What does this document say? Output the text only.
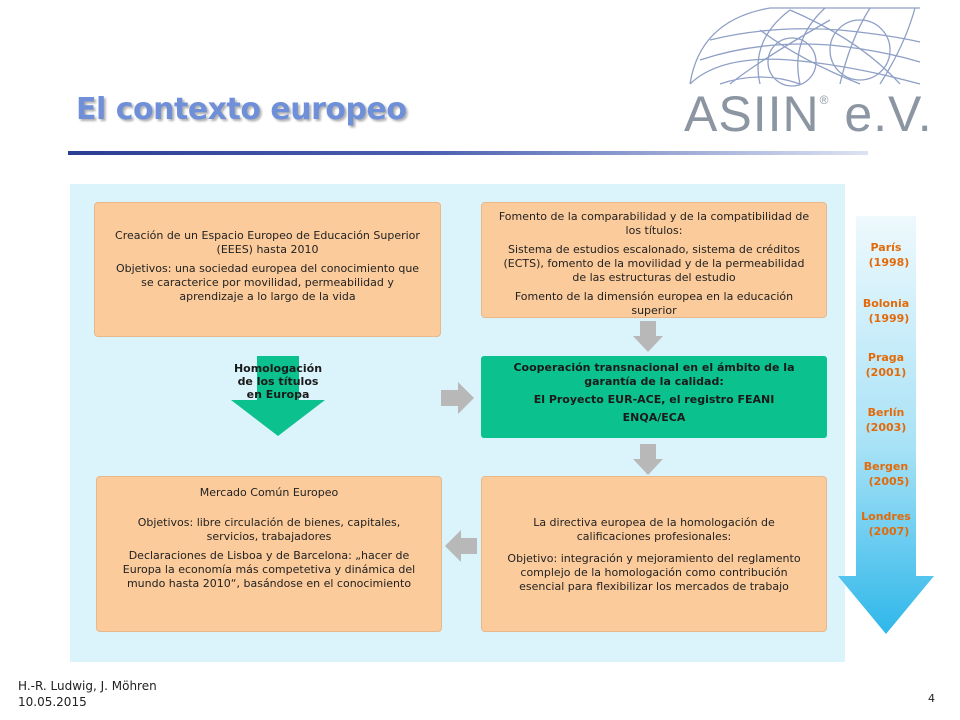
El contexto europeo	ASIIN® e.V.

Creación de un Espacio Europeo de Educación Superior (EEES) hasta 2010

Objetivos: una sociedad europea del conocimiento que se caracterice por movilidad, permeabilidad y aprendizaje a lo largo de la vida

Fomento de la comparabilidad y de la compatibilidad de los títulos:

Sistema de estudios escalonado, sistema de créditos (ECTS), fomento de la movilidad y de la permeabilidad de las estructuras del estudio

Fomento de la dimensión europea en la educación superior

Homologación de los títulos en Europa

Cooperación transnacional en el ámbito de la garantía de la calidad:

El Proyecto EUR-ACE, el registro FEANI

ENQA/ECA

Mercado Común Europeo

Objetivos: libre circulación de bienes, capitales, servicios, trabajadores

Declaraciones de Lisboa y de Barcelona: „hacer de Europa la economía más competetiva y dinámica del mundo hasta 2010“, basándose en el conocimiento

La directiva europea de la homologación de calificaciones profesionales:

Objetivo: integración y mejoramiento del reglamento complejo de la homologación como contribución esencial para flexibilizar los mercados de trabajo

París
(1998)
Bolonia
(1999)
Praga
(2001)
Berlín
(2003)
Bergen
(2005)
Londres
(2007)
H.-R. Ludwig, J. Möhren
10.05.2015	4
